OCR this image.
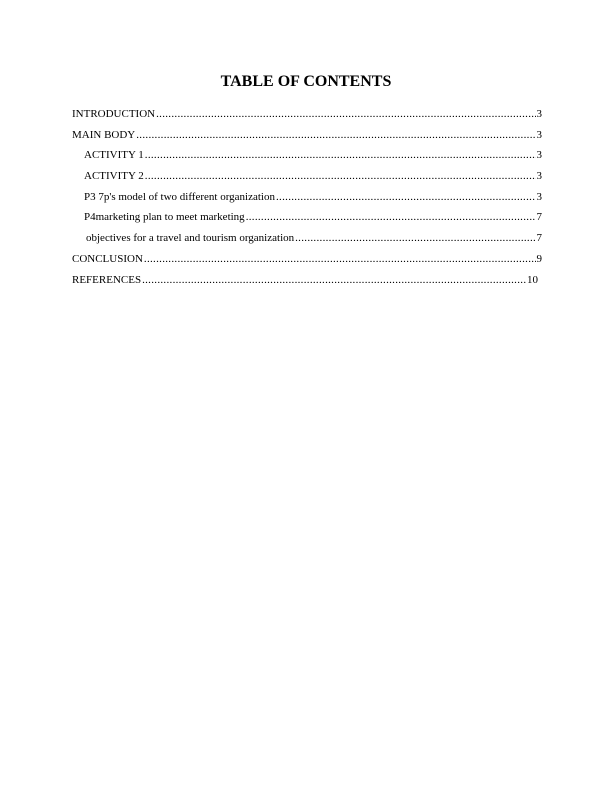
TABLE OF CONTENTS
INTRODUCTION .....	3
MAIN BODY .....	3
ACTIVITY 1 .....	3
ACTIVITY 2 .....	3
P3 7p's model of two different organization .....	3
P4marketing plan to meet marketing .....	7
objectives for a travel and tourism organization .....	7
CONCLUSION .....	9
REFERENCES .....	10
